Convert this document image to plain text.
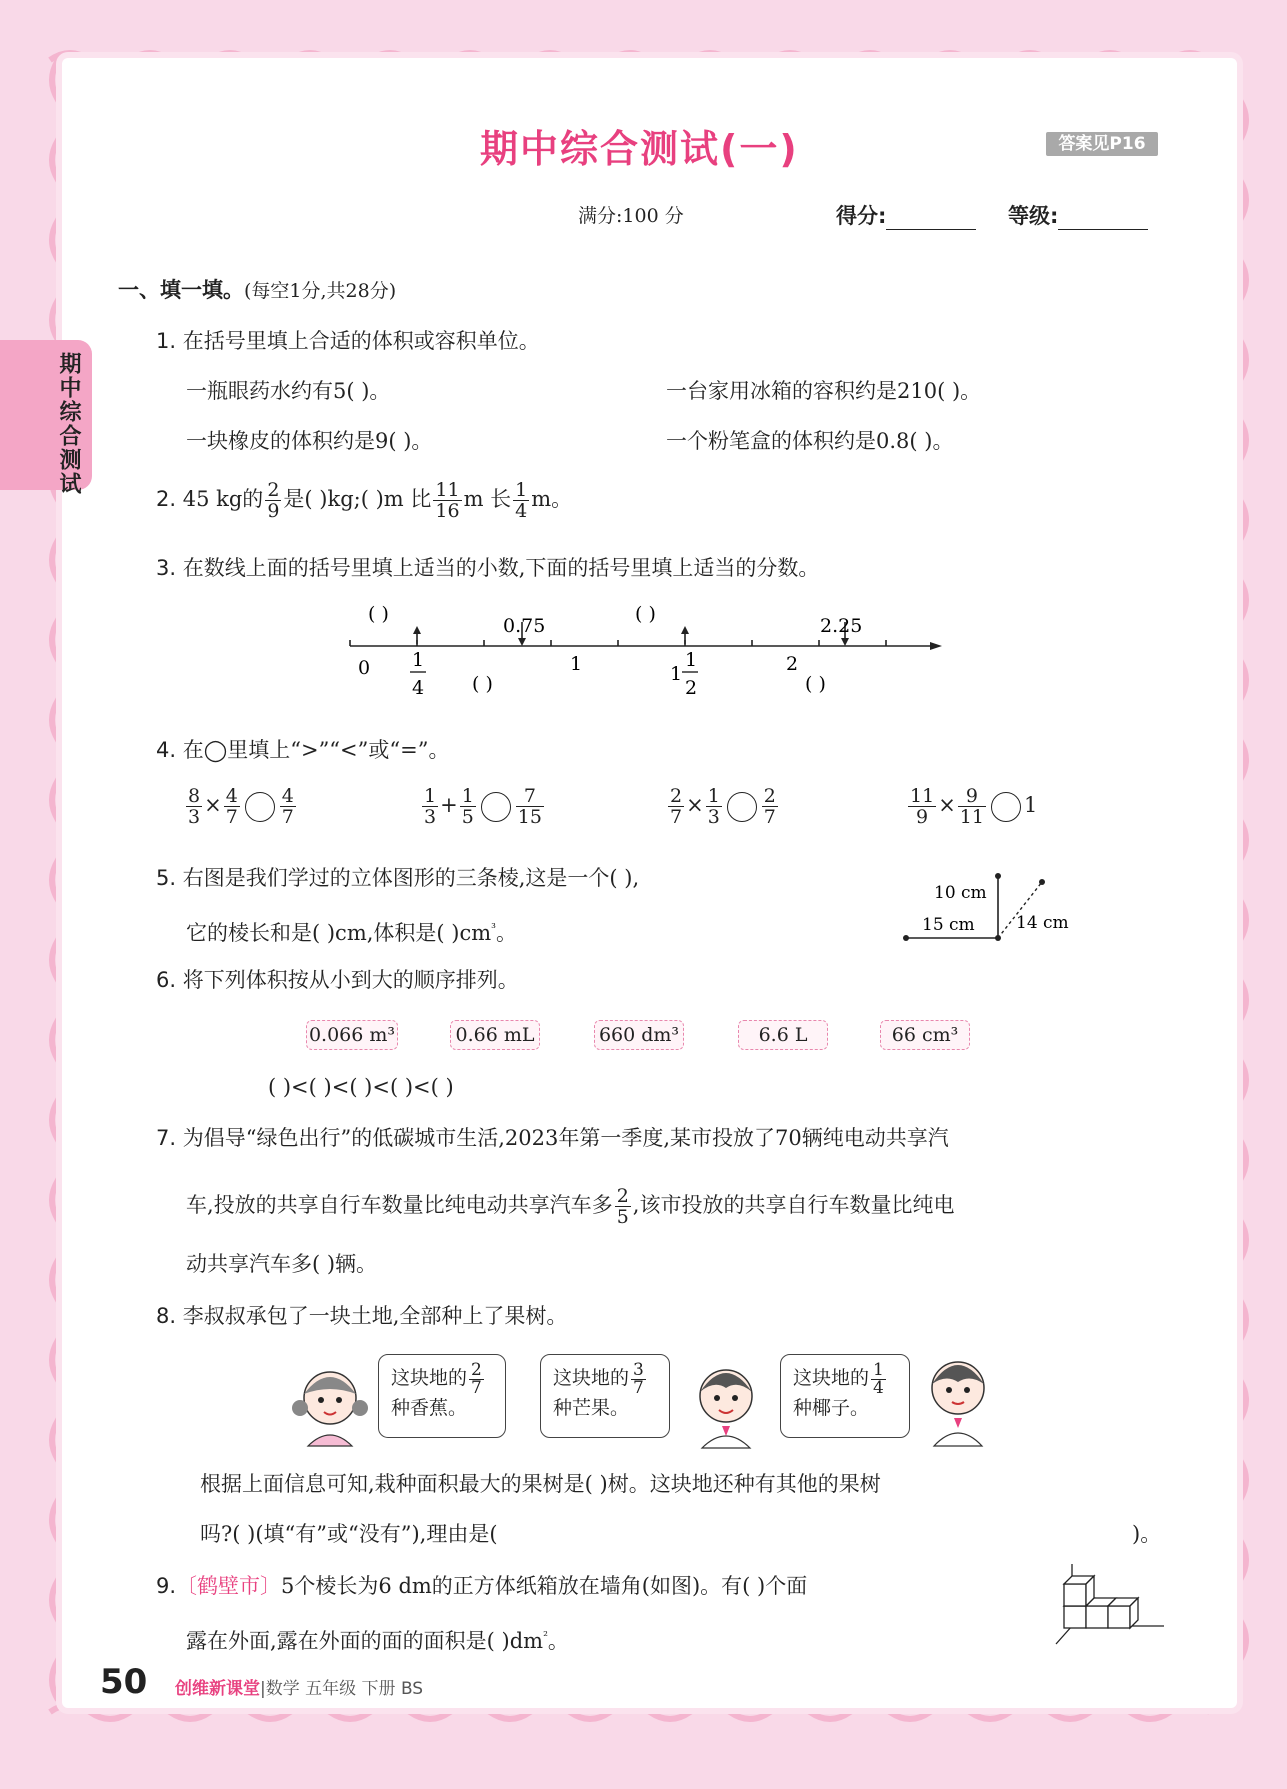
期中综合测试
期中综合测试(一)	答案见P16
满分:100 分	得分:	等级:
一、填一填。(每空1分,共28分)
1. 在括号里填上合适的体积或容积单位。
一瓶眼药水约有5( )。	一台家用冰箱的容积约是210( )。
一块橡皮的体积约是9( )。	一个粉笔盒的体积约是0.8( )。
2. 45 kg的 $\frac{2}{9}$ 是( )kg;( )m 比 $\frac{11}{16}$ m 长 $\frac{1}{4}$ m。
3. 在数线上面的括号里填上适当的小数,下面的括号里填上适当的分数。
( )
0.75
( )
2.25
0 1
4	( )
1	1
1
2
2
( )
4. 在◯里填上“>”“<”或“=”。
$\frac{8}{3} \times \frac{4}{7} \frac{4}{7}$	$\frac{1}{3} + \frac{1}{5} \frac{7}{15}$	$\frac{2}{7} \times \frac{1}{3} \frac{2}{7}$	$\frac{11}{9} \times \frac{9}{11} 1$
5. 右图是我们学过的立体图形的三条棱,这是一个( ),
它的棱长和是( )cm,体积是( )$cm^{^3}$。
10 cm
15 cm 14 cm
6. 将下列体积按从小到大的顺序排列。
0.066 m³	0.66 mL	660 dm³	6.6 L	66 cm³
( )<( )<( )<( )<( )
7. 为倡导“绿色出行”的低碳城市生活,2023年第一季度,某市投放了70辆纯电动共享汽
车,投放的共享自行车数量比纯电动共享汽车多 $\frac{2}{5}$ ,该市投放的共享自行车数量比纯电
动共享汽车多( )辆。
8. 李叔叔承包了一块土地,全部种上了果树。
这块地的 $\frac{2}{7}$
种香蕉。
这块地的 $\frac{3}{7}$
种芒果。
这块地的 $\frac{1}{4}$
种椰子。
根据上面信息可知,栽种面积最大的果树是( )树。这块地还种有其他的果树
吗?( )(填“有”或“没有”),理由是(	)。
9.〔鹤壁市〕5个棱长为6 dm的正方体纸箱放在墙角(如图)。有( )个面
露在外面,露在外面的面的面积是( )$dm^{^2}$。
50 创维新课堂|数学 五年级 下册 BS
